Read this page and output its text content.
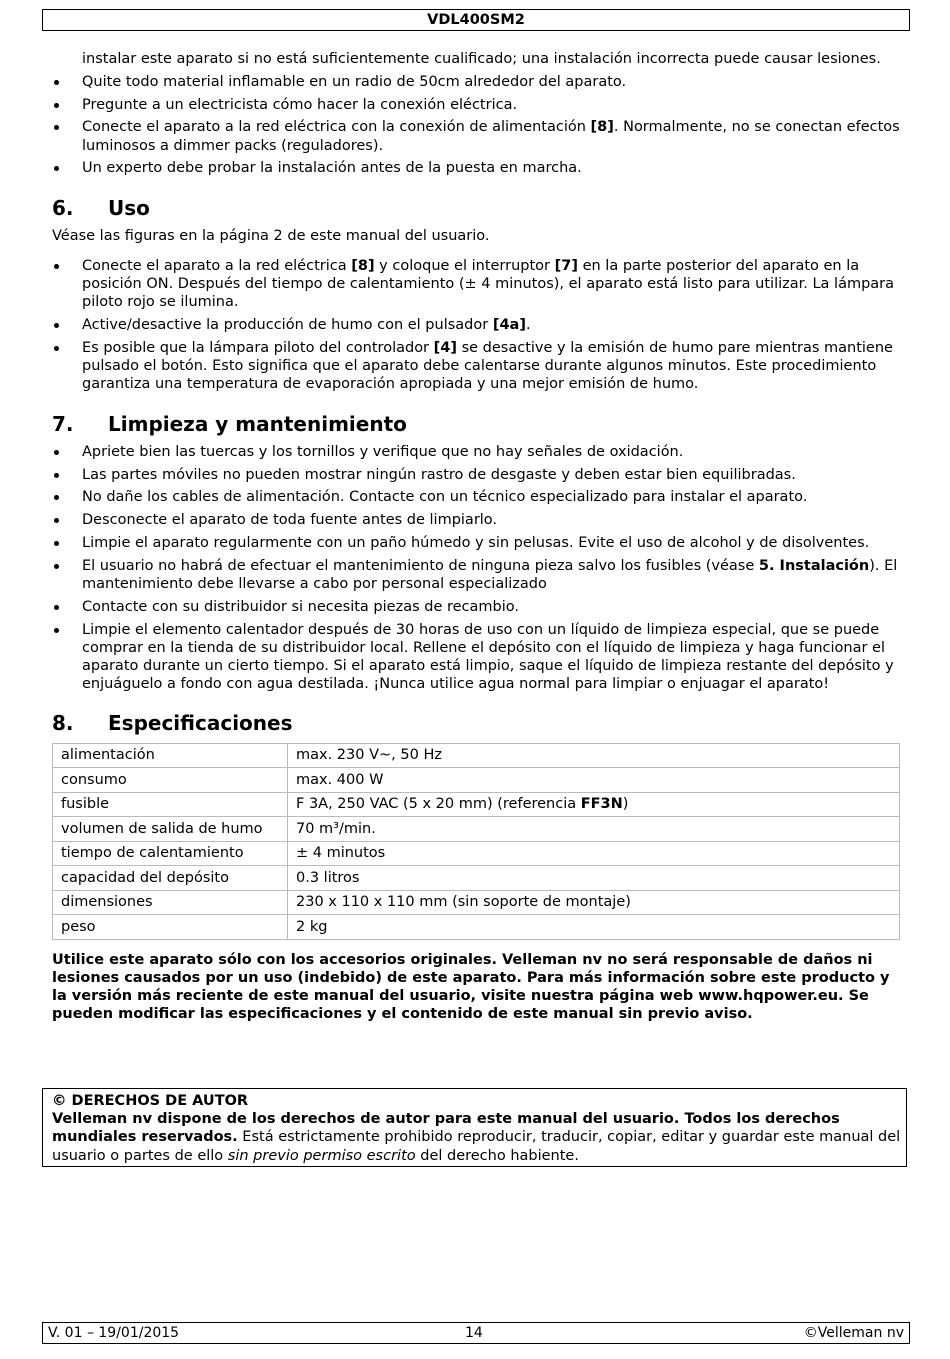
VDL400SM2
instalar este aparato si no está suficientemente cualificado; una instalación incorrecta puede causar lesiones.
Quite todo material inflamable en un radio de 50cm alrededor del aparato.
Pregunte a un electricista cómo hacer la conexión eléctrica.
Conecte el aparato a la red eléctrica con la conexión de alimentación [8]. Normalmente, no se conectan efectos luminosos a dimmer packs (reguladores).
Un experto debe probar la instalación antes de la puesta en marcha.
6.	Uso

Véase las figuras en la página 2 de este manual del usuario.

Conecte el aparato a la red eléctrica [8] y coloque el interruptor [7] en la parte posterior del aparato en la posición ON. Después del tiempo de calentamiento (± 4 minutos), el aparato está listo para utilizar. La lámpara piloto rojo se ilumina.
Active/desactive la producción de humo con el pulsador [4a].
Es posible que la lámpara piloto del controlador [4] se desactive y la emisión de humo pare mientras mantiene pulsado el botón. Esto significa que el aparato debe calentarse durante algunos minutos. Este procedimiento garantiza una temperatura de evaporación apropiada y una mejor emisión de humo.
7.	Limpieza y mantenimiento
Apriete bien las tuercas y los tornillos y verifique que no hay señales de oxidación.
Las partes móviles no pueden mostrar ningún rastro de desgaste y deben estar bien equilibradas.
No dañe los cables de alimentación. Contacte con un técnico especializado para instalar el aparato.
Desconecte el aparato de toda fuente antes de limpiarlo.
Limpie el aparato regularmente con un paño húmedo y sin pelusas. Evite el uso de alcohol y de disolventes.
El usuario no habrá de efectuar el mantenimiento de ninguna pieza salvo los fusibles (véase 5. Instalación). El mantenimiento debe llevarse a cabo por personal especializado
Contacte con su distribuidor si necesita piezas de recambio.
Limpie el elemento calentador después de 30 horas de uso con un líquido de limpieza especial, que se puede comprar en la tienda de su distribuidor local. Rellene el depósito con el líquido de limpieza y haga funcionar el aparato durante un cierto tiempo. Si el aparato está limpio, saque el líquido de limpieza restante del depósito y enjuáguelo a fondo con agua destilada. ¡Nunca utilice agua normal para limpiar o enjuagar el aparato!
8.	Especificaciones
alimentación	max. 230 V~, 50 Hz
consumo	max. 400 W
fusible	F 3A, 250 VAC (5 x 20 mm) (referencia FF3N)
volumen de salida de humo	70 m³/min.
tiempo de calentamiento	± 4 minutos
capacidad del depósito	0.3 litros
dimensiones	230 x 110 x 110 mm (sin soporte de montaje)
peso	2 kg
Utilice este aparato sólo con los accesorios originales. Velleman nv no será responsable de daños ni lesiones causados por un uso (indebido) de este aparato. Para más información sobre este producto y la versión más reciente de este manual del usuario, visite nuestra página web www.hqpower.eu. Se pueden modificar las especificaciones y el contenido de este manual sin previo aviso.
© DERECHOS DE AUTOR
Velleman nv dispone de los derechos de autor para este manual del usuario. Todos los derechos mundiales reservados. Está estrictamente prohibido reproducir, traducir, copiar, editar y guardar este manual del usuario o partes de ello sin previo permiso escrito del derecho habiente.
V. 01 – 19/01/2015	14	©Velleman nv
